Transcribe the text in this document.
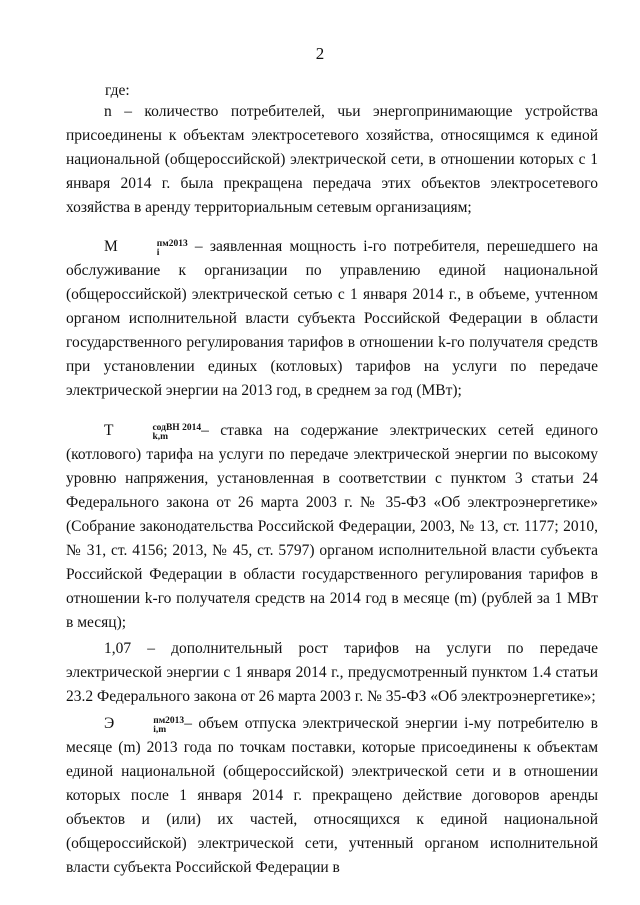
2
где:
n – количество потребителей, чьи энергопринимающие устройства присоединены к объектам электросетевого хозяйства, относящимся к единой национальной (общероссийской) электрической сети, в отношении которых с 1 января 2014 г. была прекращена передача этих объектов электросетевого хозяйства в аренду территориальным сетевым организациям;
M	пм2013
i	– заявленная мощность i-го потребителя, перешедшего на обслуживание к организации по управлению единой национальной (общероссийской) электрической сетью с 1 января 2014 г., в объеме, учтенном органом исполнительной власти субъекта Российской Федерации в области государственного регулирования тарифов в отношении k-го получателя средств при установлении единых (котловых) тарифов на услуги по передаче электрической энергии на 2013 год, в среднем за год (МВт);
T	содВН 2014
k,m	– ставка на содержание электрических сетей единого (котлового) тарифа на услуги по передаче электрической энергии по высокому уровню напряжения, установленная в соответствии с пунктом 3 статьи 24 Федерального закона от 26 марта 2003 г. № 35-ФЗ «Об электроэнергетике» (Собрание законодательства Российской Федерации, 2003, № 13, ст. 1177; 2010, № 31, ст. 4156; 2013, № 45, ст. 5797) органом исполнительной власти субъекта Российской Федерации в области государственного регулирования тарифов в отношении k-го получателя средств на 2014 год в месяце (m) (рублей за 1 МВт в месяц);
1,07 – дополнительный рост тарифов на услуги по передаче электрической энергии с 1 января 2014 г., предусмотренный пунктом 1.4 статьи 23.2 Федерального закона от 26 марта 2003 г. № 35-ФЗ «Об электроэнергетике»;
Э	пм2013
i,m	– объем отпуска электрической энергии i-му потребителю в месяце (m) 2013 года по точкам поставки, которые присоединены к объектам единой национальной (общероссийской) электрической сети и в отношении которых после 1 января 2014 г. прекращено действие договоров аренды объектов и (или) их частей, относящихся к единой национальной (общероссийской) электрической сети, учтенный органом исполнительной власти субъекта Российской Федерации в
